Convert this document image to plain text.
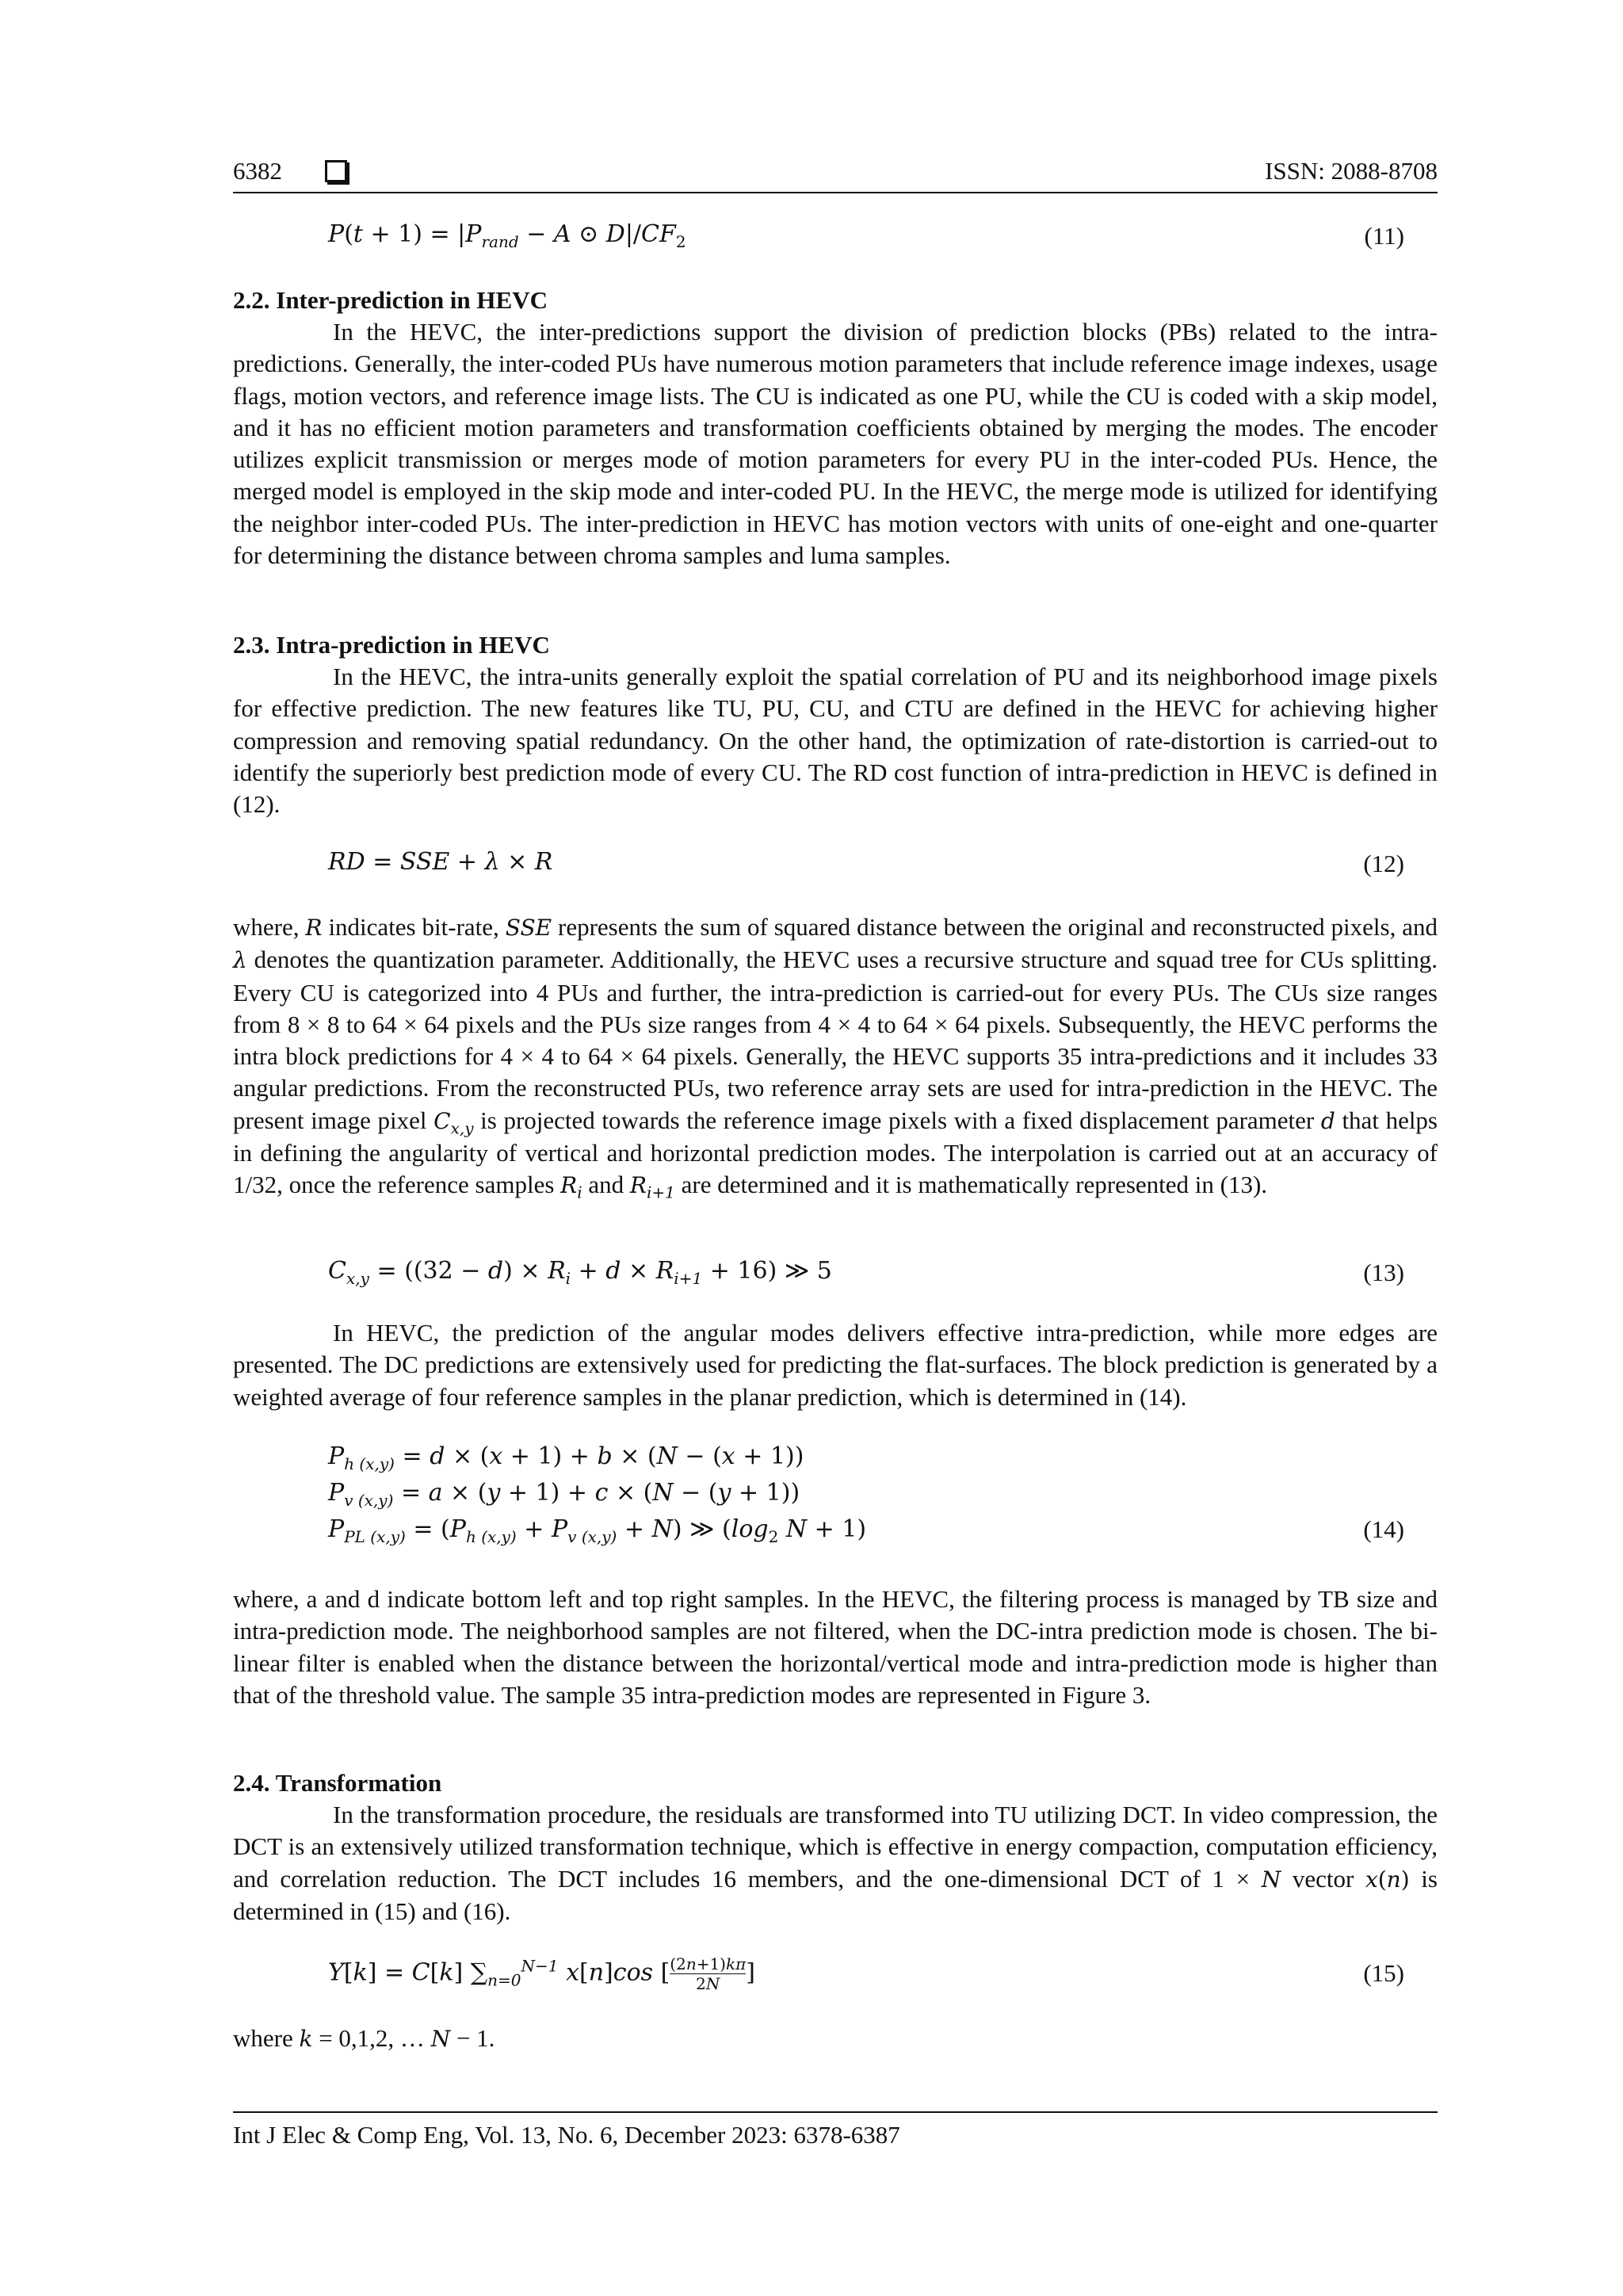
6382	ISSN: 2088-8708
$P(t + 1) = |P_{rand} - A$ ⊙ $D|/CF_2$	(11)
2.2. Inter-prediction in HEVC
In the HEVC, the inter-predictions support the division of prediction blocks (PBs) related to the intra-predictions. Generally, the inter-coded PUs have numerous motion parameters that include reference image indexes, usage flags, motion vectors, and reference image lists. The CU is indicated as one PU, while the CU is coded with a skip model, and it has no efficient motion parameters and transformation coefficients obtained by merging the modes. The encoder utilizes explicit transmission or merges mode of motion parameters for every PU in the inter-coded PUs. Hence, the merged model is employed in the skip mode and inter-coded PU. In the HEVC, the merge mode is utilized for identifying the neighbor inter-coded PUs. The inter-prediction in HEVC has motion vectors with units of one-eight and one-quarter for determining the distance between chroma samples and luma samples.
2.3. Intra-prediction in HEVC
In the HEVC, the intra-units generally exploit the spatial correlation of PU and its neighborhood image pixels for effective prediction. The new features like TU, PU, CU, and CTU are defined in the HEVC for achieving higher compression and removing spatial redundancy. On the other hand, the optimization of rate-distortion is carried-out to identify the superiorly best prediction mode of every CU. The RD cost function of intra-prediction in HEVC is defined in (12).
RD = SSE + λ × R	(12)
where, R indicates bit-rate, SSE represents the sum of squared distance between the original and reconstructed pixels, and λ denotes the quantization parameter. Additionally, the HEVC uses a recursive structure and squad tree for CUs splitting. Every CU is categorized into 4 PUs and further, the intra-prediction is carried-out for every PUs. The CUs size ranges from 8 × 8 to 64 × 64 pixels and the PUs size ranges from 4 × 4 to 64 × 64 pixels. Subsequently, the HEVC performs the intra block predictions for 4 × 4 to 64 × 64 pixels. Generally, the HEVC supports 35 intra-predictions and it includes 33 angular predictions. From the reconstructed PUs, two reference array sets are used for intra-prediction in the HEVC. The present image pixel $C_{x,y}$ is projected towards the reference image pixels with a fixed displacement parameter d that helps in defining the angularity of vertical and horizontal prediction modes. The interpolation is carried out at an accuracy of 1/32, once the reference samples $R_i$ and $R_{i+1}$ are determined and it is mathematically represented in (13).
$C_{x,y} = ((32 - d) \times R_i + d \times R_{i+1} + 16)$ ≫ 5	(13)
In HEVC, the prediction of the angular modes delivers effective intra-prediction, while more edges are presented. The DC predictions are extensively used for predicting the flat-surfaces. The block prediction is generated by a weighted average of four reference samples in the planar prediction, which is determined in (14).
$P_{h (x,y)} = d \times (x + 1) + b \times (N - (x + 1))$
$P_{v (x,y)} = a \times (y + 1) + c \times (N - (y + 1))$
$P_{PL (x,y)} = (P_{h (x,y)} + P_{v (x,y)} + N)$ ≫ ($\log_2$ N + 1)	(14)
where, a and d indicate bottom left and top right samples. In the HEVC, the filtering process is managed by TB size and intra-prediction mode. The neighborhood samples are not filtered, when the DC-intra prediction mode is chosen. The bi-linear filter is enabled when the distance between the horizontal/vertical mode and intra-prediction mode is higher than that of the threshold value. The sample 35 intra-prediction modes are represented in Figure 3.
2.4. Transformation
In the transformation procedure, the residuals are transformed into TU utilizing DCT. In video compression, the DCT is an extensively utilized transformation technique, which is effective in energy compaction, computation efficiency, and correlation reduction. The DCT includes 16 members, and the one-dimensional DCT of 1 × N vector x(n) is determined in (15) and (16).
Y[k] = C[k] $\sum_{n=0}^{N-1}$ x[n]cos [ $\frac{(2n+1)k\pi}{2N}$ ]	(15)
where k = 0,1,2, … N − 1.
Int J Elec & Comp Eng, Vol. 13, No. 6, December 2023: 6378-6387
